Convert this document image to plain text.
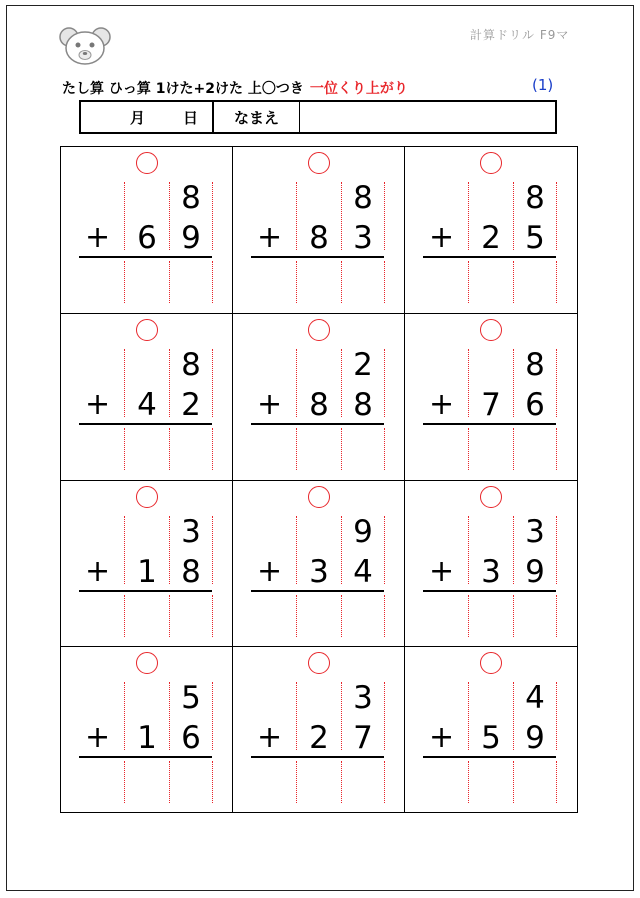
計算ドリル F9マ
たし算 ひっ算 1けた+2けた 上〇つき 一位くり上がり	(1)
月	日 なまえ
8
+ 6 9
8
+ 8 3
8
+ 2 5
8
+ 4 2
2
+ 8 8
8
+ 7 6
3
+ 1 8
9
+ 3 4
3
+ 3 9
5
+ 1 6
3
+ 2 7
4
+ 5 9
